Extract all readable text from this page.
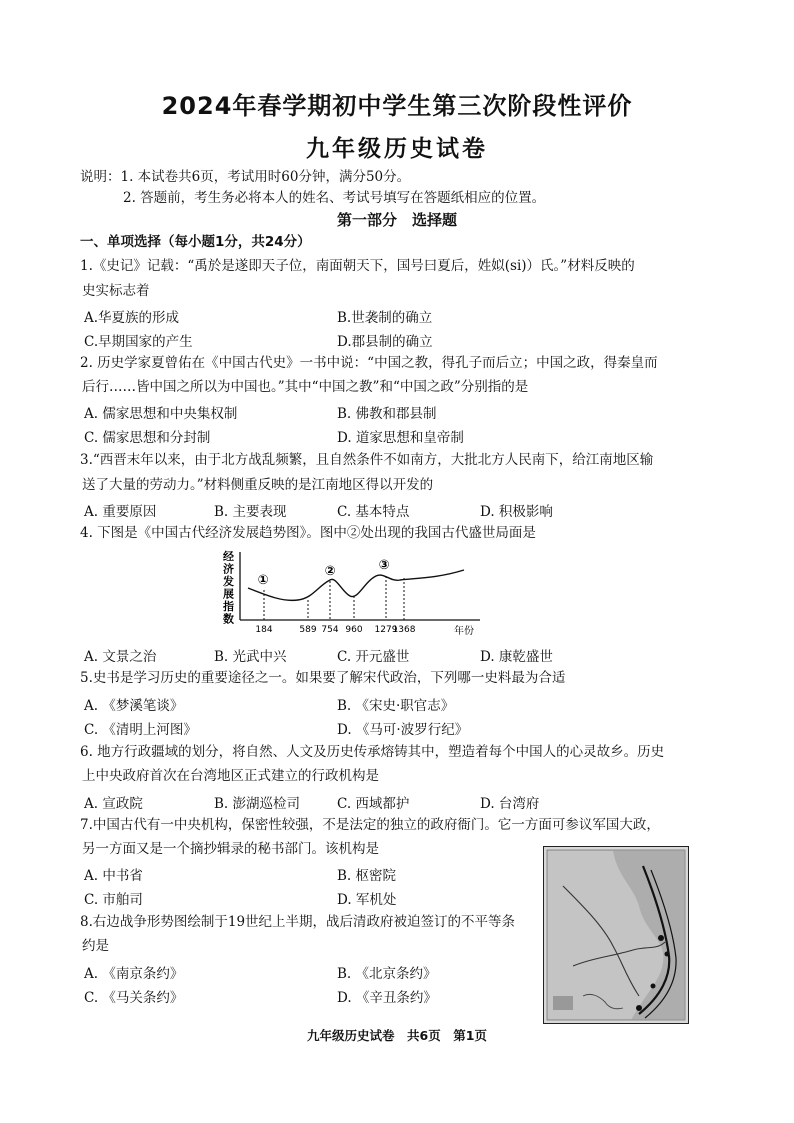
2024年春学期初中学生第三次阶段性评价
九年级历史试卷
说明：1. 本试卷共6页，考试用时60分钟，满分50分。
2. 答题前，考生务必将本人的姓名、考试号填写在答题纸相应的位置。
第一部分　选择题
一、单项选择（每小题1分，共24分）
1.《史记》记载：“禹於是遂即天子位，南面朝天下，国号曰夏后，姓姒(si)）氏。”材料反映的
史实标志着
A.华夏族的形成	B.世袭制的确立
C.早期国家的产生	D.郡县制的确立
2. 历史学家夏曾佑在《中国古代史》一书中说：“中国之教，得孔子而后立；中国之政，得秦皇而
后行……皆中国之所以为中国也。”其中“中国之教”和“中国之政”分别指的是
A. 儒家思想和中央集权制	B. 佛教和郡县制
C. 儒家思想和分封制	D. 道家思想和皇帝制
3.“西晋末年以来，由于北方战乱频繁，且自然条件不如南方，大批北方人民南下，给江南地区输
送了大量的劳动力。”材料侧重反映的是江南地区得以开发的
A. 重要原因	B. 主要表现	C. 基本特点	D. 积极影响
4. 下图是《中国古代经济发展趋势图》。图中②处出现的我国古代盛世局面是
经济发展指数
①
②	③
184	589 754 960 1279
1368	年份
A. 文景之治	B. 光武中兴	C. 开元盛世	D. 康乾盛世
5.史书是学习历史的重要途径之一。如果要了解宋代政治，下列哪一史料最为合适
A. 《梦溪笔谈》	B. 《宋史·职官志》
C. 《清明上河图》	D. 《马可·波罗行纪》
6. 地方行政疆域的划分，将自然、人文及历史传承熔铸其中，塑造着每个中国人的心灵故乡。历史
上中央政府首次在台湾地区正式建立的行政机构是
A. 宣政院	B. 澎湖巡检司	C. 西域都护	D. 台湾府
7.中国古代有一中央机构，保密性较强，不是法定的独立的政府衙门。它一方面可参议军国大政，
另一方面又是一个摘抄辑录的秘书部门。该机构是
A. 中书省	B. 枢密院
C. 市舶司	D. 军机处
8.右边战争形势图绘制于19世纪上半期，战后清政府被迫签订的不平等条
约是
A. 《南京条约》	B. 《北京条约》
C. 《马关条约》	D. 《辛丑条约》
九年级历史试卷　共6页　第1页
